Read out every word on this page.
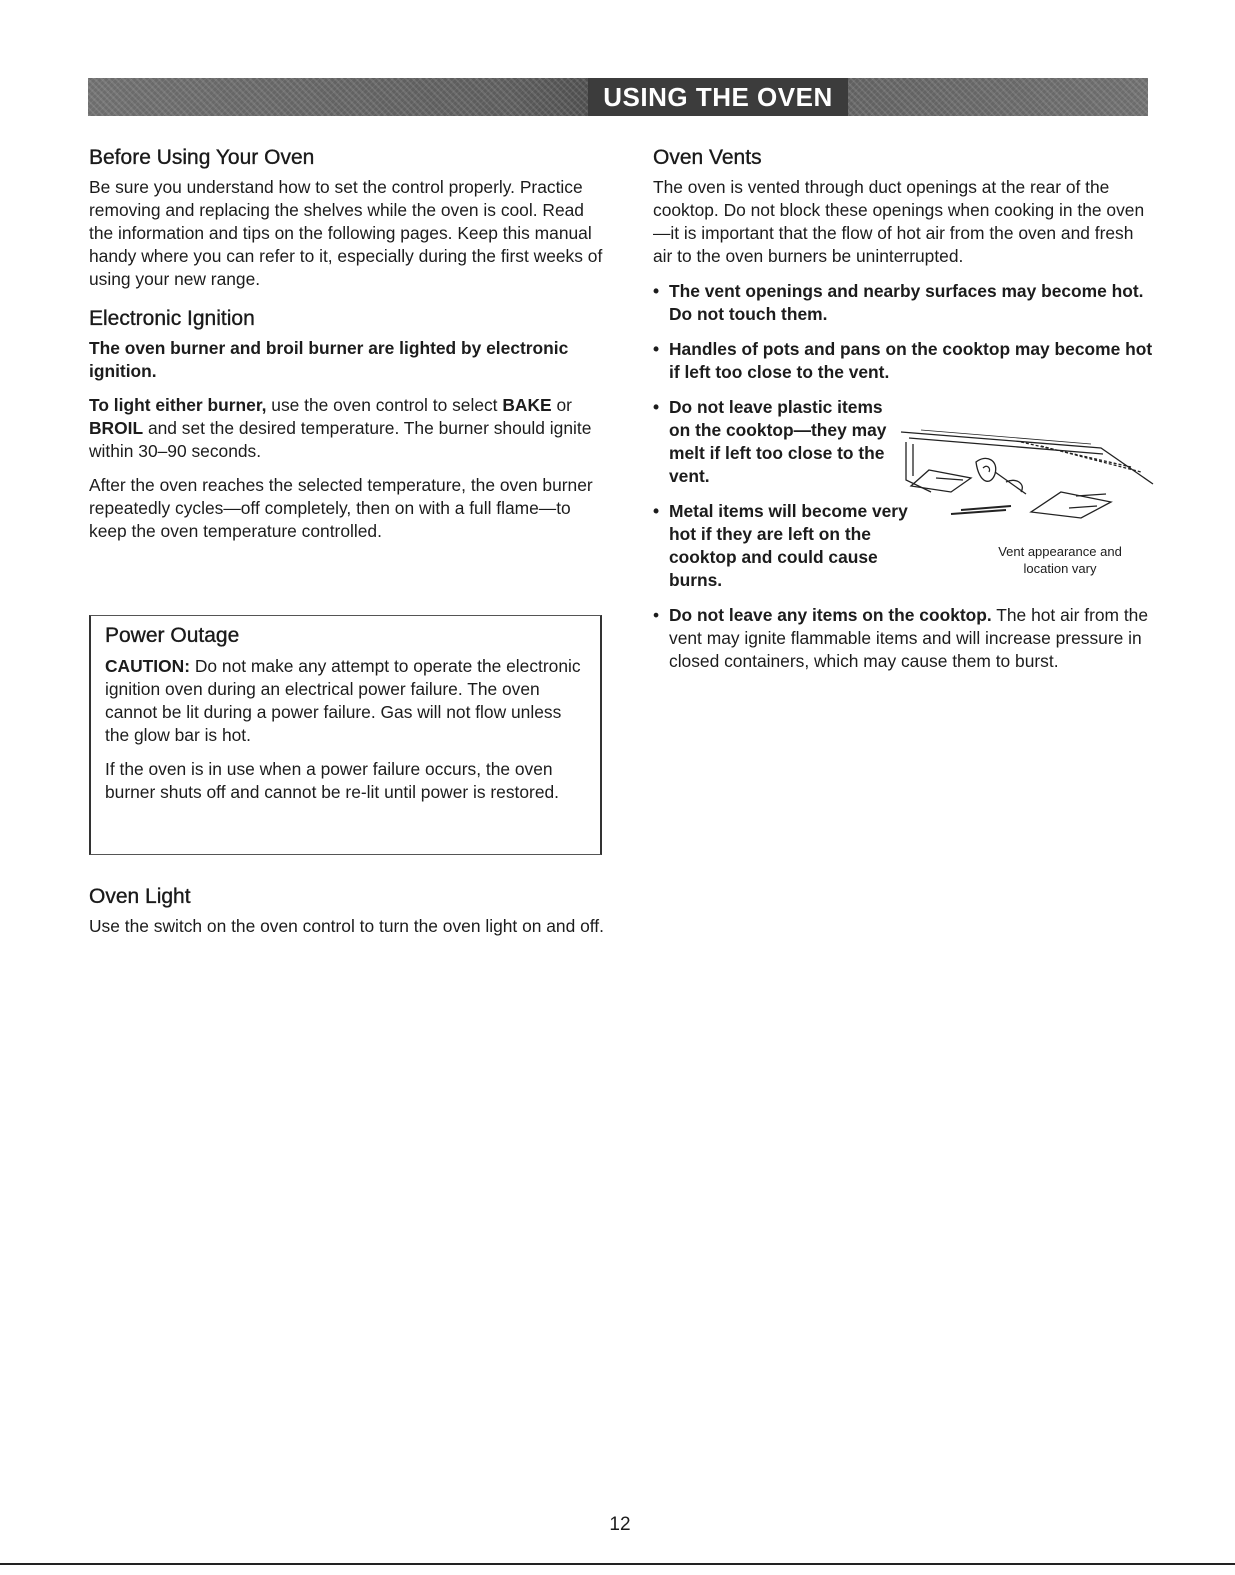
USING THE OVEN
Before Using Your Oven

Be sure you understand how to set the control properly. Practice removing and replacing the shelves while the oven is cool. Read the information and tips on the following pages. Keep this manual handy where you can refer to it, especially during the first weeks of using your new range.

Electronic Ignition

The oven burner and broil burner are lighted by electronic ignition.

To light either burner, use the oven control to select BAKE or BROIL and set the desired temperature. The burner should ignite within 30–90 seconds.

After the oven reaches the selected temperature, the oven burner repeatedly cycles—off completely, then on with a full flame—to keep the oven temperature controlled.

Power Outage

CAUTION: Do not make any attempt to operate the electronic ignition oven during an electrical power failure. The oven cannot be lit during a power failure. Gas will not flow unless the glow bar is hot.

If the oven is in use when a power failure occurs, the oven burner shuts off and cannot be re-lit until power is restored.

Oven Light

Use the switch on the oven control to turn the oven light on and off.

Oven Vents

The oven is vented through duct openings at the rear of the cooktop. Do not block these openings when cooking in the oven—it is important that the flow of hot air from the oven and fresh air to the oven burners be uninterrupted.

• The vent openings and nearby surfaces may become hot. Do not touch them.
• Handles of pots and pans on the cooktop may become hot if left too close to the vent.
• Do not leave plastic items on the cooktop—they may melt if left too close to the vent.
• Metal items will become very hot if they are left on the cooktop and could cause burns.
• Do not leave any items on the cooktop. The hot air from the vent may ignite flammable items and will increase pressure in closed containers, which may cause them to burst.
Vent appearance and location vary
12
